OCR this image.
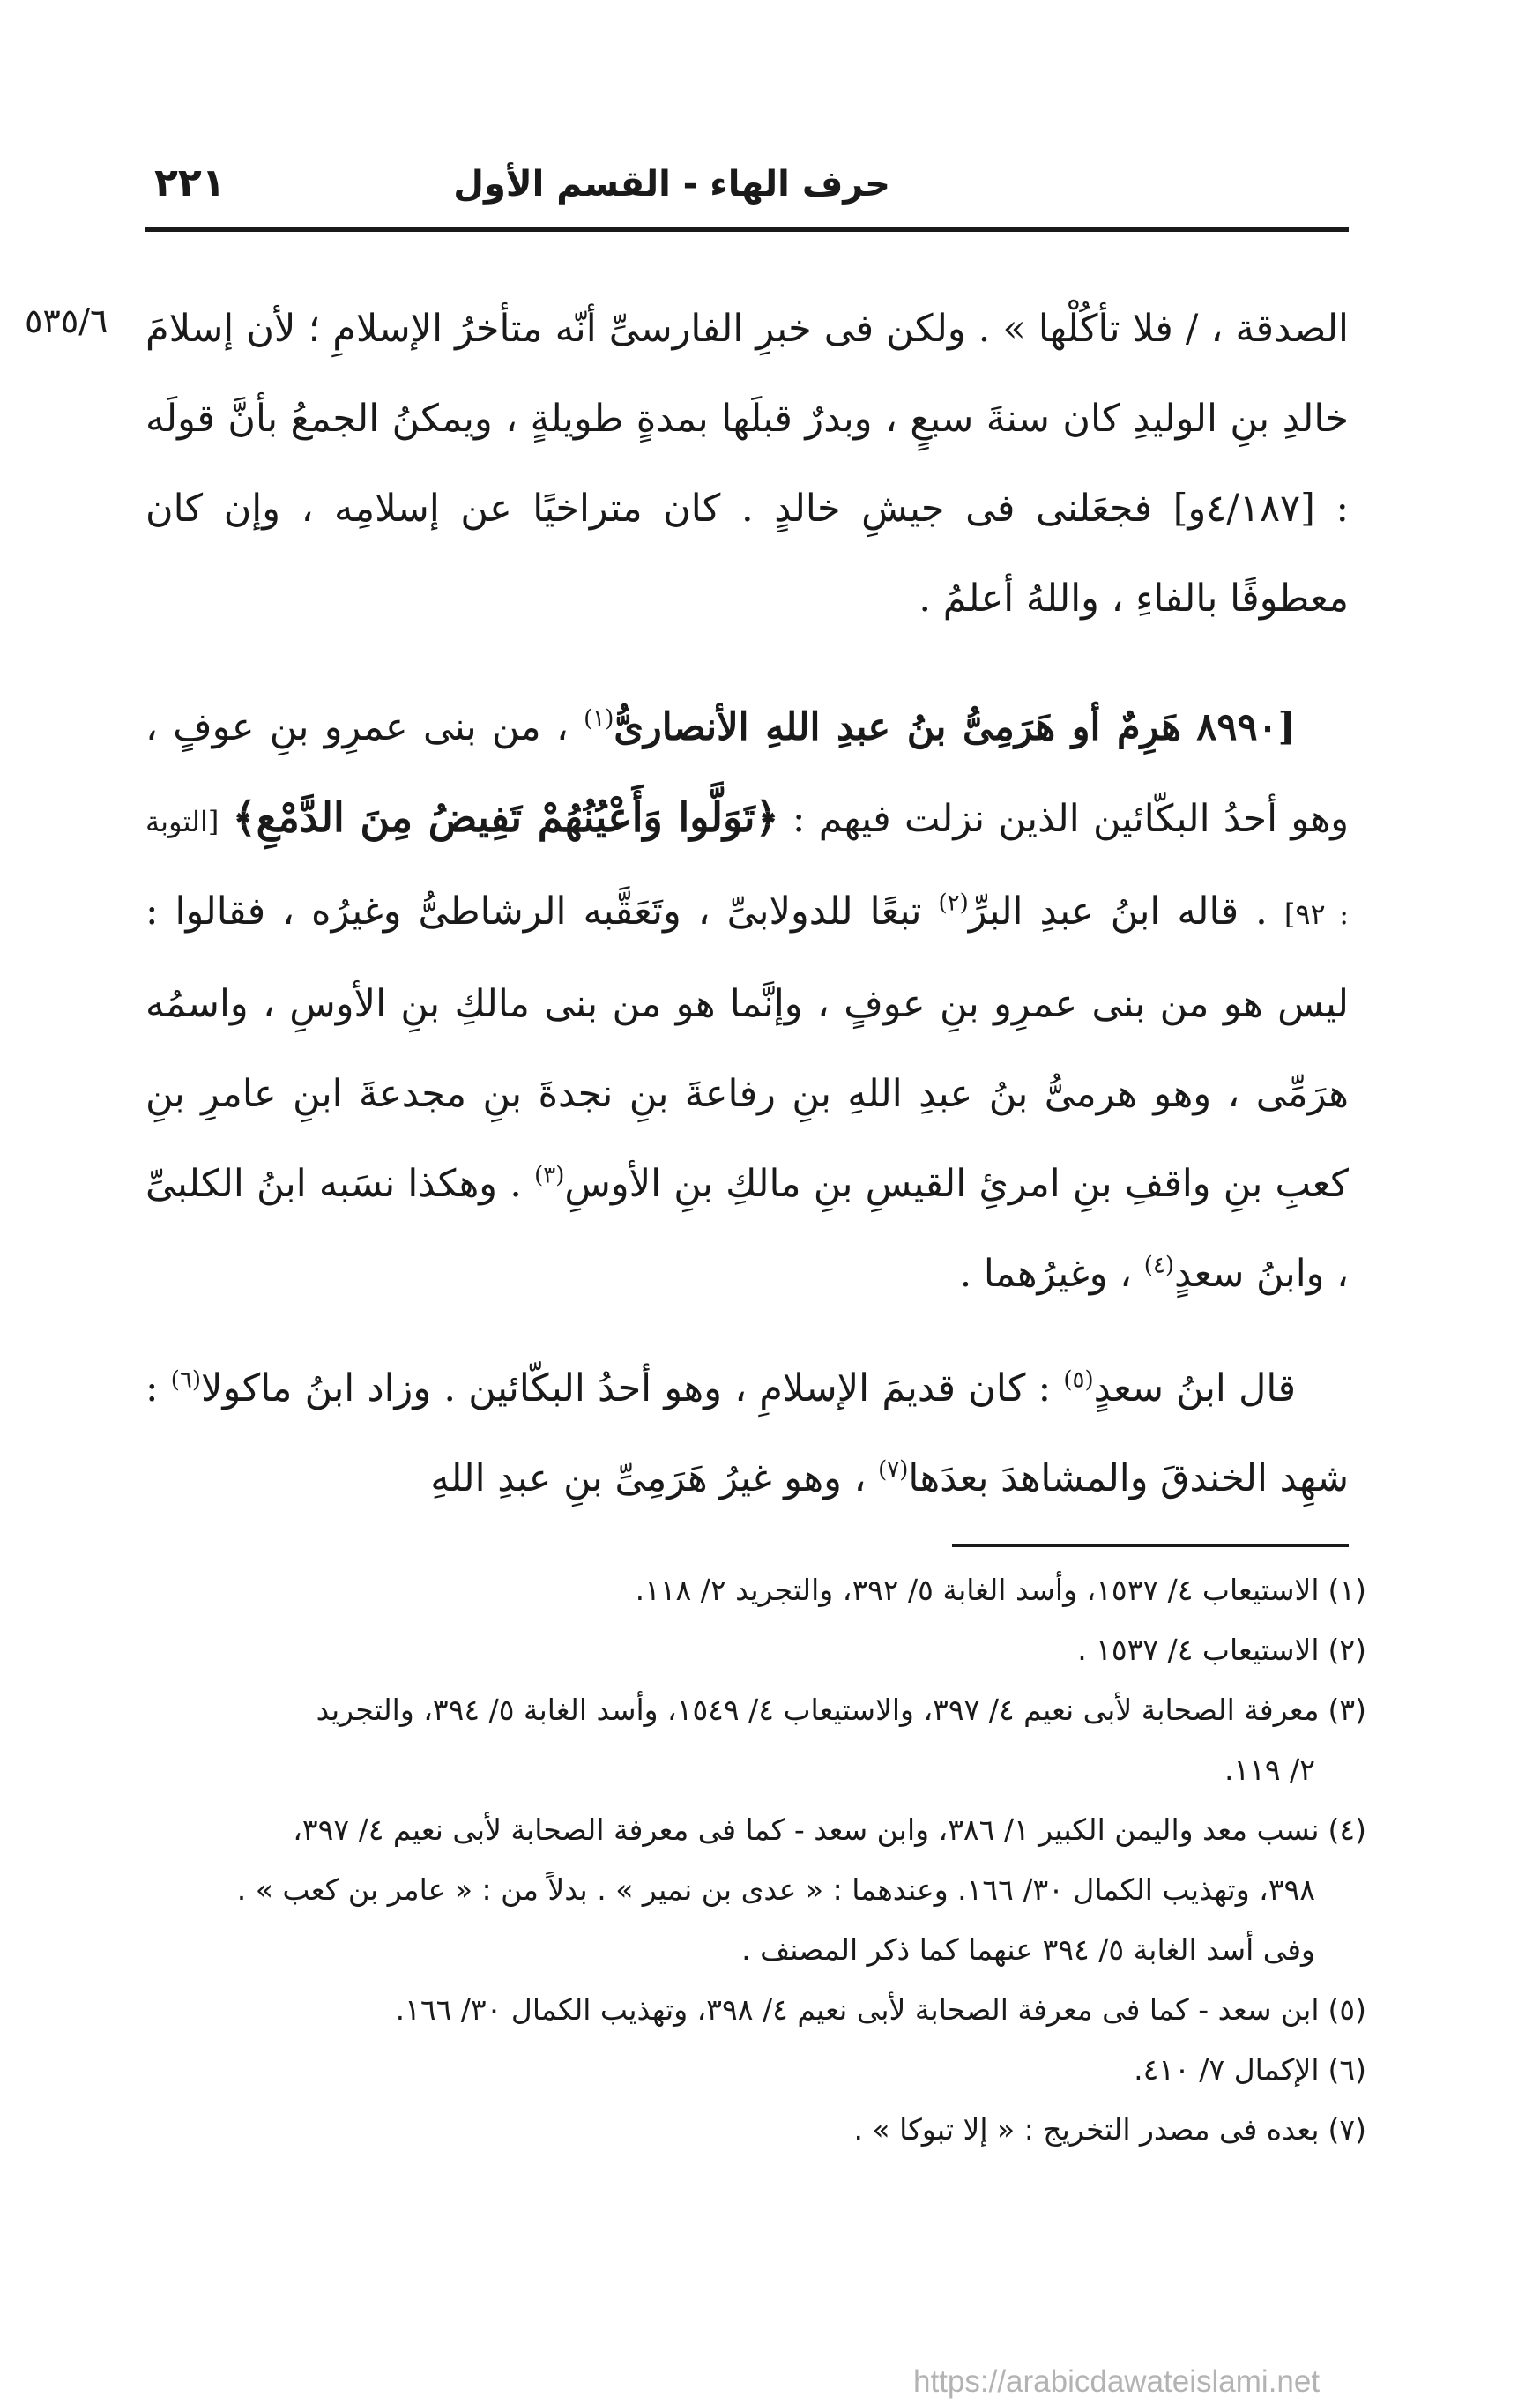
حرف الهاء - القسم الأول
٢٢١
٥٣٥/٦ الصدقة ، / فلا تأكُلْها » . ولكن فى خبرِ الفارسىِّ أنّه متأخرُ الإسلامِ ؛ لأن إسلامَ خالدِ بنِ الوليدِ كان سنةَ سبعٍ ، وبدرٌ قبلَها بمدةٍ طويلةٍ ، ويمكنُ الجمعُ بأنَّ قولَه : [٤/١٨٧و] فجعَلنى فى جيشِ خالدٍ . كان متراخيًا عن إسلامِه ، وإن كان معطوفًا بالفاءِ ، واللهُ أعلمُ .

[٨٩٩٠ هَرِمٌ أو هَرَمِىُّ بنُ عبدِ اللهِ الأنصارىُّ$^{(١)}$ ، من بنى عمرِو بنِ عوفٍ ، وهو أحدُ البكّائين الذين نزلت فيهم : ﴿تَوَلَّوا وَأَعْيُنُهُمْ تَفِيضُ مِنَ الدَّمْعِ﴾ [التوبة : ٩٢] . قاله ابنُ عبدِ البرِّ$^{(٢)}$ تبعًا للدولابىِّ ، وتَعَقَّبه الرشاطىُّ وغيرُه ، فقالوا : ليس هو من بنى عمرِو بنِ عوفٍ ، وإنَّما هو من بنى مالكِ بنِ الأوسِ ، واسمُه هرَمِّى ، وهو هرمىُّ بنُ عبدِ اللهِ بنِ رفاعةَ بنِ نجدةَ بنِ مجدعةَ ابنِ عامرِ بنِ كعبِ بنِ واقفِ بنِ امرئِ القيسِ بنِ مالكِ بنِ الأوسِ$^{(٣)}$ . وهكذا نسَبه ابنُ الكلبىِّ ، وابنُ سعدٍ$^{(٤)}$ ، وغيرُهما .

قال ابنُ سعدٍ$^{(٥)}$ : كان قديمَ الإسلامِ ، وهو أحدُ البكّائين . وزاد ابنُ ماكولا$^{(٦)}$ : شهِد الخندقَ والمشاهدَ بعدَها$^{(٧)}$ ، وهو غيرُ هَرَمِىِّ بنِ عبدِ اللهِ

(١)الاستيعاب ٤/ ١٥٣٧، وأسد الغابة ٥/ ٣٩٢، والتجريد ٢/ ١١٨.

(٢)الاستيعاب ٤/ ١٥٣٧ .

(٣)معرفة الصحابة لأبى نعيم ٤/ ٣٩٧، والاستيعاب ٤/ ١٥٤٩، وأسد الغابة ٥/ ٣٩٤، والتجريد

٢/ ١١٩.

(٤)نسب معد واليمن الكبير ١/ ٣٨٦، وابن سعد - كما فى معرفة الصحابة لأبى نعيم ٤/ ٣٩٧،

٣٩٨، وتهذيب الكمال ٣٠/ ١٦٦. وعندهما : « عدى بن نمير » . بدلاً من : « عامر بن كعب » .

وفى أسد الغابة ٥/ ٣٩٤ عنهما كما ذكر المصنف .

(٥)ابن سعد - كما فى معرفة الصحابة لأبى نعيم ٤/ ٣٩٨، وتهذيب الكمال ٣٠/ ١٦٦.

(٦)الإكمال ٧/ ٤١٠.

(٧)بعده فى مصدر التخريج : « إلا تبوكا » .

https://arabicdawateislami.net
